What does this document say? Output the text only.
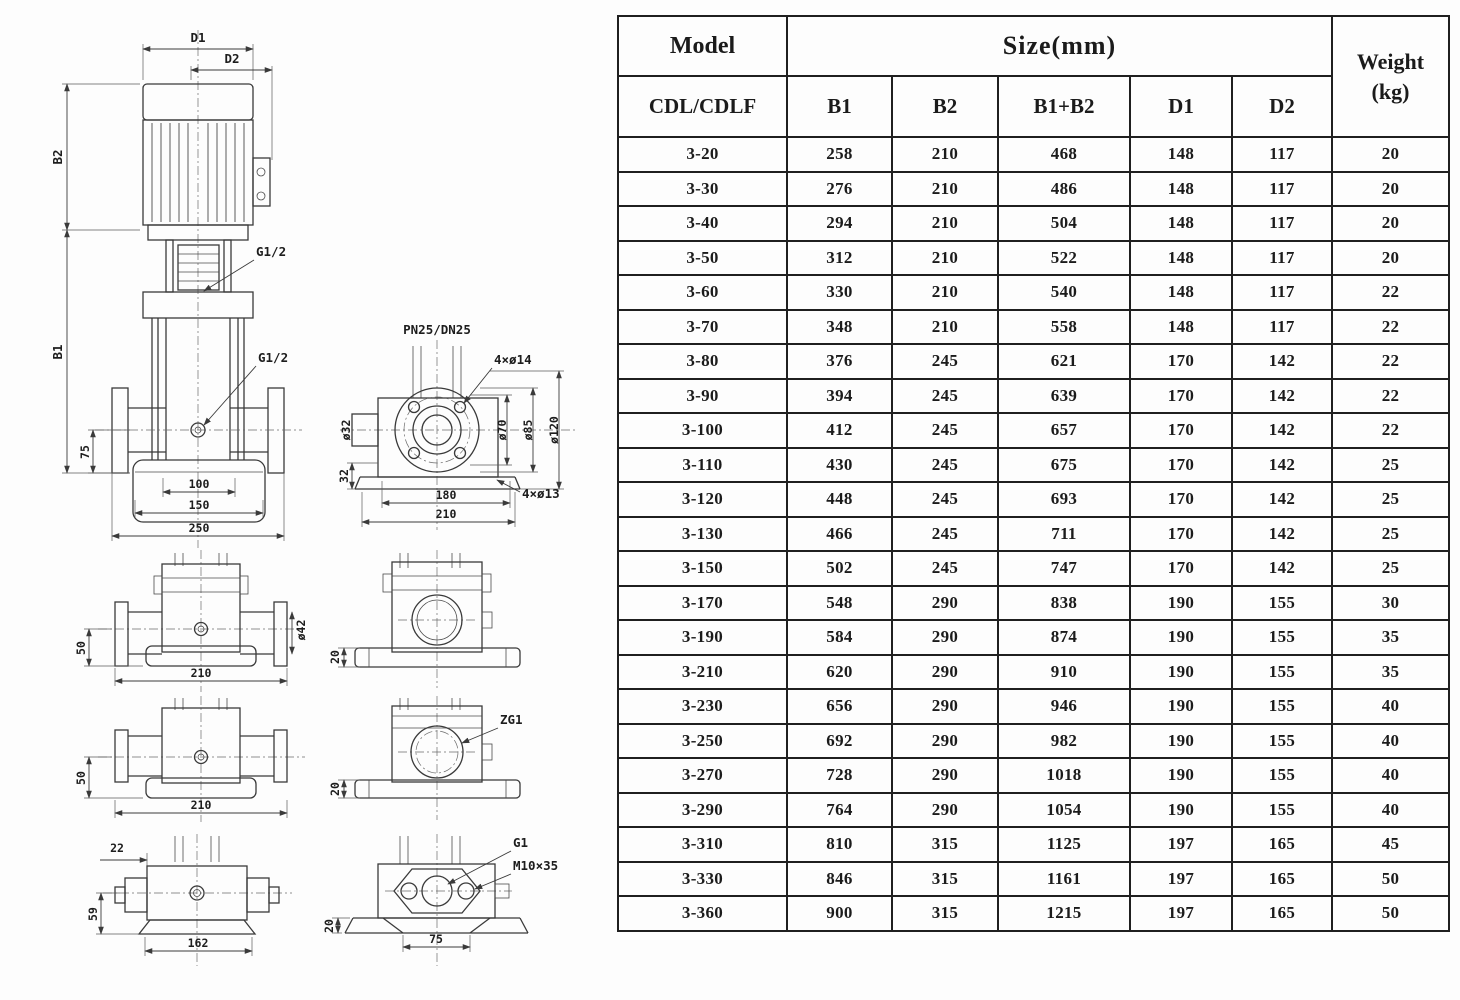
D1
D2
B2
B1
75
G1/2
G1/2
100
150
250
PN25/DN25
ø32	ø70 ø85 ø120
32
180
210
4×ø14
4×ø13
ø42
50
210
50
210
22
59
162
20
ZG1
20
G1
M10×35
20
75
Model	Size(mm)					Weight
(kg)

CDL/CDLF	B1	B2	B1+B2	D1	D2	
3-20	258	210	468	148	117	20
3-30	276	210	486	148	117	20
3-40	294	210	504	148	117	20
3-50	312	210	522	148	117	20
3-60	330	210	540	148	117	22
3-70	348	210	558	148	117	22
3-80	376	245	621	170	142	22
3-90	394	245	639	170	142	22
3-100	412	245	657	170	142	22
3-110	430	245	675	170	142	25
3-120	448	245	693	170	142	25
3-130	466	245	711	170	142	25
3-150	502	245	747	170	142	25
3-170	548	290	838	190	155	30
3-190	584	290	874	190	155	35
3-210	620	290	910	190	155	35
3-230	656	290	946	190	155	40
3-250	692	290	982	190	155	40
3-270	728	290	1018	190	155	40
3-290	764	290	1054	190	155	40
3-310	810	315	1125	197	165	45
3-330	846	315	1161	197	165	50
3-360	900	315	1215	197	165	50
